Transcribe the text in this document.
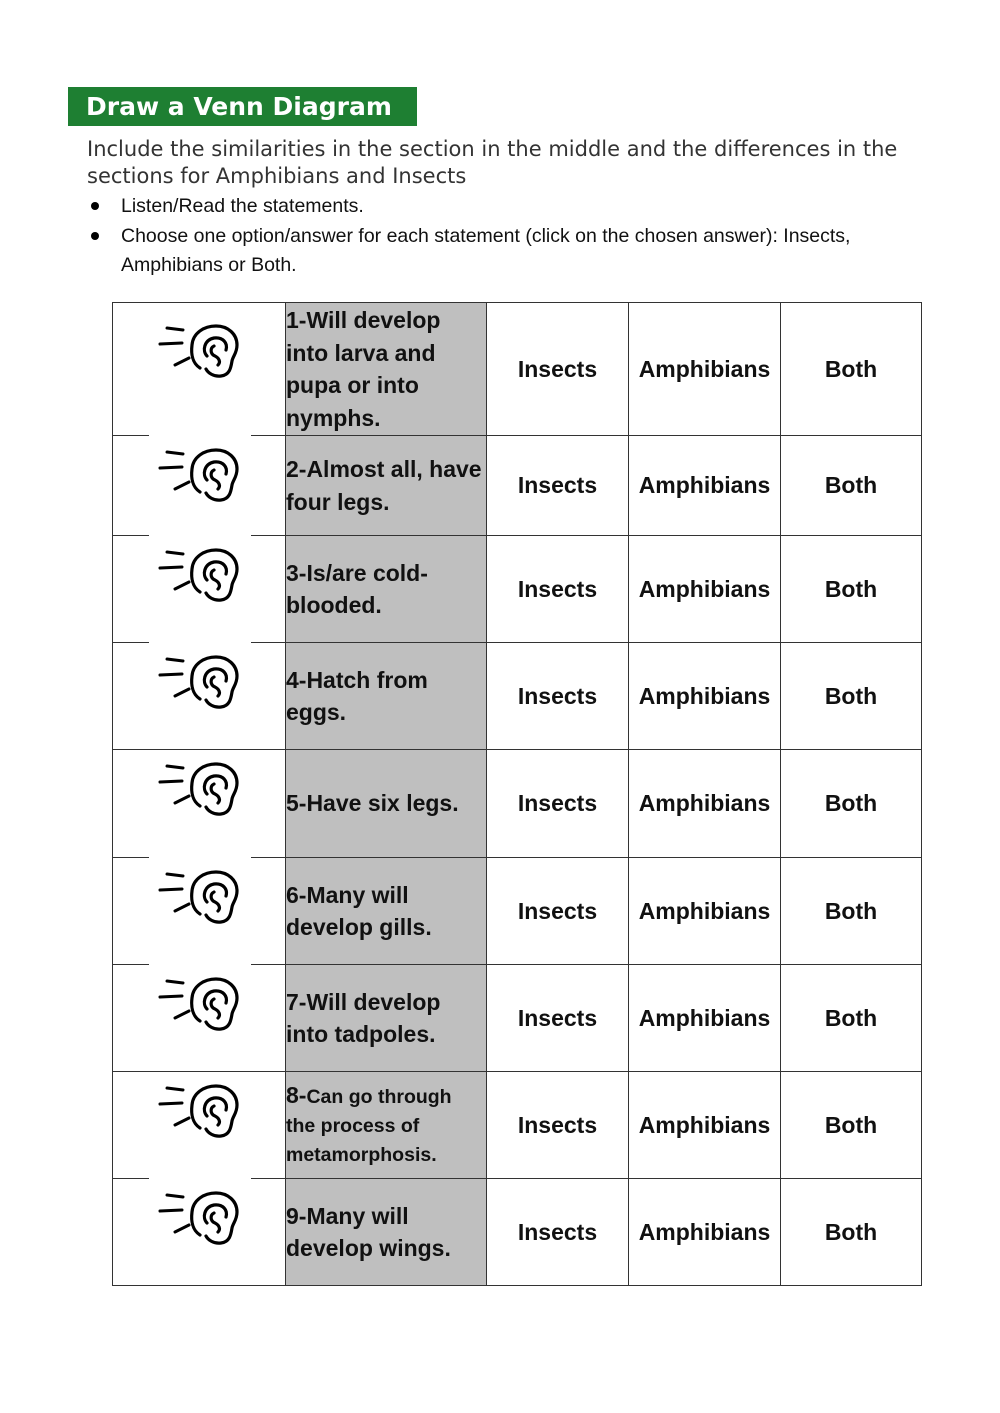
Draw a Venn Diagram
Include the similarities in the section in the middle and the differences in the sections for Amphibians and Insects
Listen/Read the statements.
Choose one option/answer for each statement (click on the chosen answer): Insects, Amphibians or Both.
	1-Will develop into larva and pupa or into nymphs.	Insects	Amphibians	Both

	2-Almost all, have four legs.	Insects	Amphibians	Both

	3-Is/are cold-blooded.	Insects	Amphibians	Both

	4-Hatch from eggs.	Insects	Amphibians	Both

	5-Have six legs.	Insects	Amphibians	Both

	6-Many will develop gills.	Insects	Amphibians	Both

	7-Will develop into tadpoles.	Insects	Amphibians	Both

	8-Can go through the process of metamorphosis.	Insects	Amphibians	Both

	9-Many will develop wings.	Insects	Amphibians	Both
